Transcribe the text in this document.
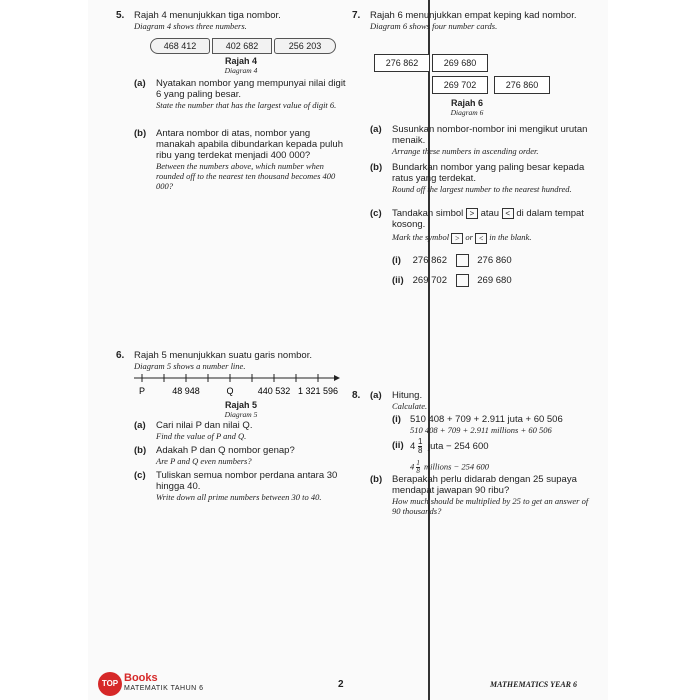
5. Rajah 4 menunjukkan tiga nombor.
Diagram 4 shows three numbers.
468 412	402 682	256 203
Rajah 4
Diagram 4
(a) Nyatakan nombor yang mempunyai nilai digit 6 yang paling besar.
State the number that has the largest value of digit 6.
(b) Antara nombor di atas, nombor yang manakah apabila dibundarkan kepada puluh ribu yang terdekat menjadi 400 000?
Between the numbers above, which number when rounded off to the nearest ten thousand becomes 400 000?
6. Rajah 5 menunjukkan suatu garis nombor.
Diagram 5 shows a number line.
P	48 948	Q	440 532 1 321 596
Rajah 5
Diagram 5
(a) Cari nilai P dan nilai Q.
Find the value of P and Q.
(b) Adakah P dan Q nombor genap?
Are P and Q even numbers?
(c) Tuliskan semua nombor perdana antara 30 hingga 40.
Write down all prime numbers between 30 to 40.
7. Rajah 6 menunjukkan empat keping kad nombor.
Diagram 6 shows four number cards.
276 862	269 680
269 702	276 860
Rajah 6
Diagram 6
(a) Susunkan nombor-nombor ini mengikut urutan menaik.
Arrange these numbers in ascending order.
(b) Bundarkan nombor yang paling besar kepada ratus yang terdekat.
Round off the largest number to the nearest hundred.
(c) Tandakan simbol > atau < di dalam tempat kosong.
Mark the symbol > or < in the blank.
(i) 276 862	276 860
(ii) 269 702	269 680
8. (a) Hitung.
Calculate.
(i) 510 408 + 709 + 2.911 juta + 60 506
510 408 + 709 + 2.911 millions + 60 506
(ii) $4 \frac{1}{8}$ juta − 254 600
$4 \frac{1}{8}$ millions − 254 600
(b) Berapakah perlu didarab dengan 25 supaya mendapat jawapan 90 ribu?
How much should be multiplied by 25 to get an answer of 90 thousands?
TOP Books
MATEMATIK TAHUN 6	2	MATHEMATICS YEAR 6
